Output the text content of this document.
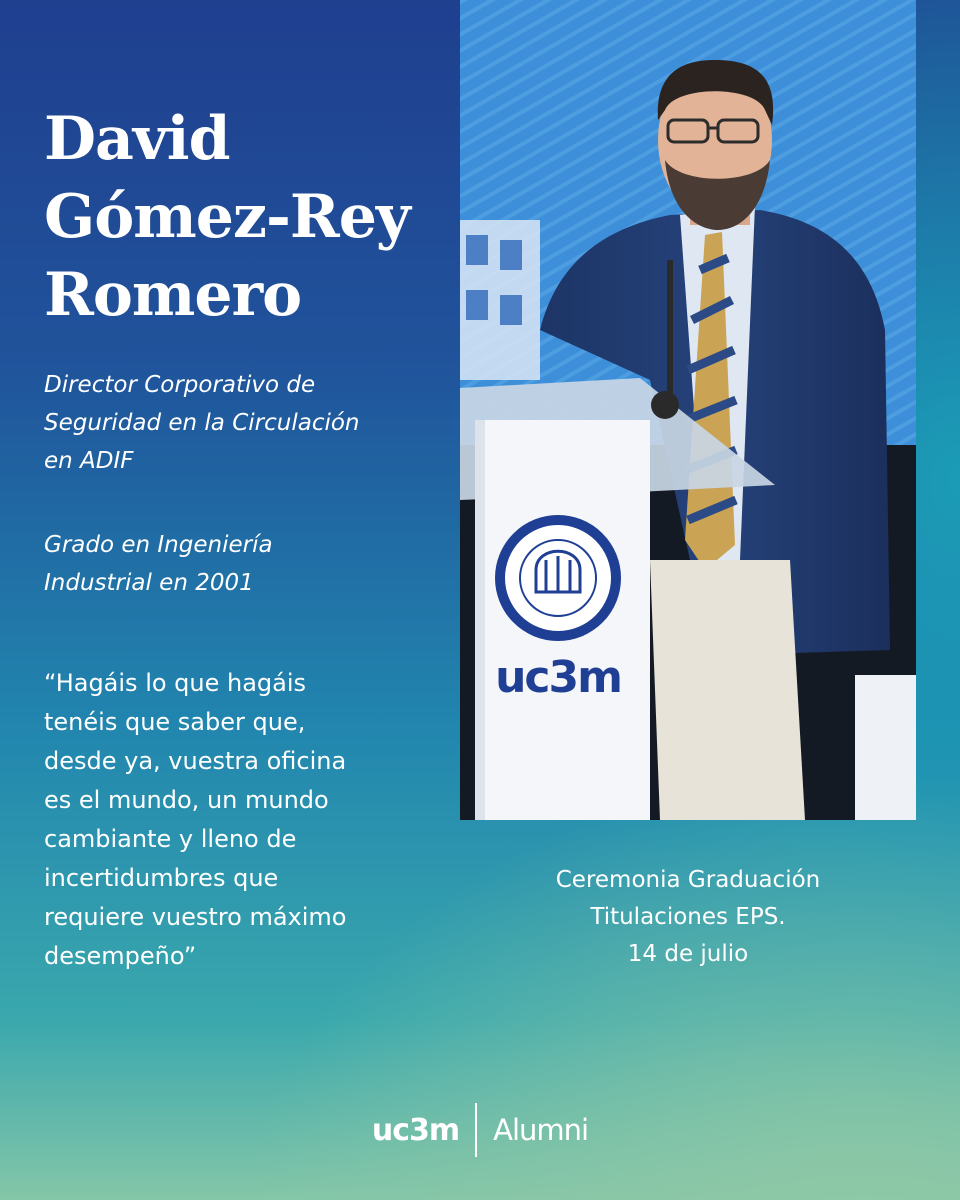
David
Gómez-Rey
Romero

Director Corporativo de
Seguridad en la Circulación
en ADIF

Grado en Ingeniería
Industrial en 2001

“Hagáis lo que hagáis
tenéis que saber que,
desde ya, vuestra oficina
es el mundo, un mundo
cambiante y lleno de
incertidumbres que
requiere vuestro máximo
desempeño”

uc3m

Ceremonia Graduación
Titulaciones EPS.
14 de julio

uc3m Alumni
